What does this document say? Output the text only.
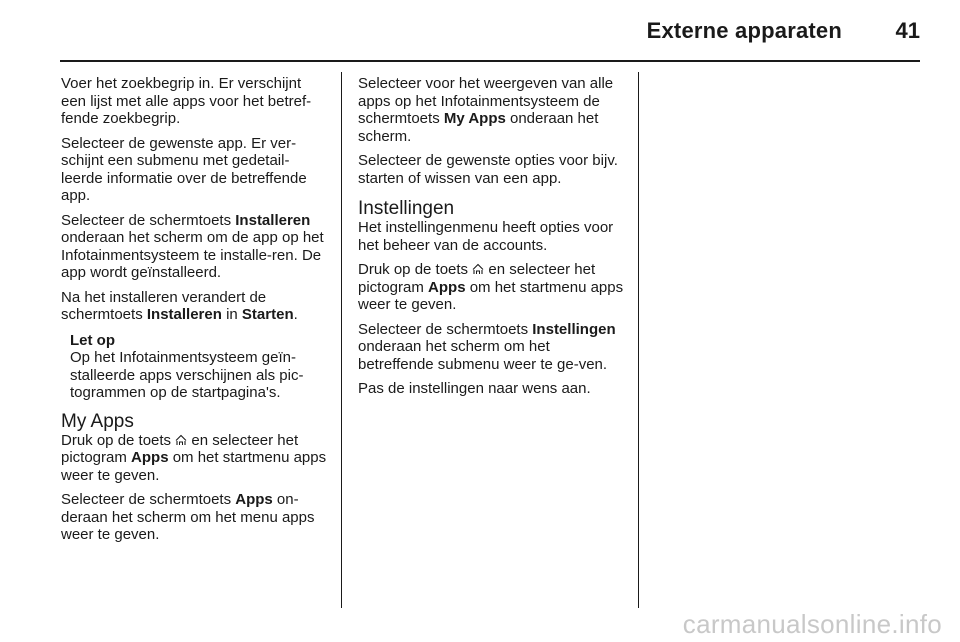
Externe apparaten 41

Voer het zoekbegrip in. Er verschijnt een lijst met alle apps voor het betref-fende zoekbegrip.

Selecteer de gewenste app. Er ver-schijnt een submenu met gedetail-leerde informatie over de betreffende app.

Selecteer de schermtoets Installeren onderaan het scherm om de app op het Infotainmentsysteem te installe-ren. De app wordt geïnstalleerd.

Na het installeren verandert de schermtoets Installeren in Starten.

Let op
Op het Infotainmentsysteem geïn-stalleerde apps verschijnen als pic-togrammen op de startpagina's.
My Apps

Druk op de toets  en selecteer het pictogram Apps om het startmenu apps weer te geven.

Selecteer de schermtoets Apps on-deraan het scherm om het menu apps weer te geven.

Selecteer voor het weergeven van alle apps op het Infotainmentsysteem de schermtoets My Apps onderaan het scherm.

Selecteer de gewenste opties voor bijv. starten of wissen van een app.

Instellingen

Het instellingenmenu heeft opties voor het beheer van de accounts.

Druk op de toets  en selecteer het pictogram Apps om het startmenu apps weer te geven.

Selecteer de schermtoets Instellingen onderaan het scherm om het betreffende submenu weer te ge-ven.

Pas de instellingen naar wens aan.

carmanualsonline.info
